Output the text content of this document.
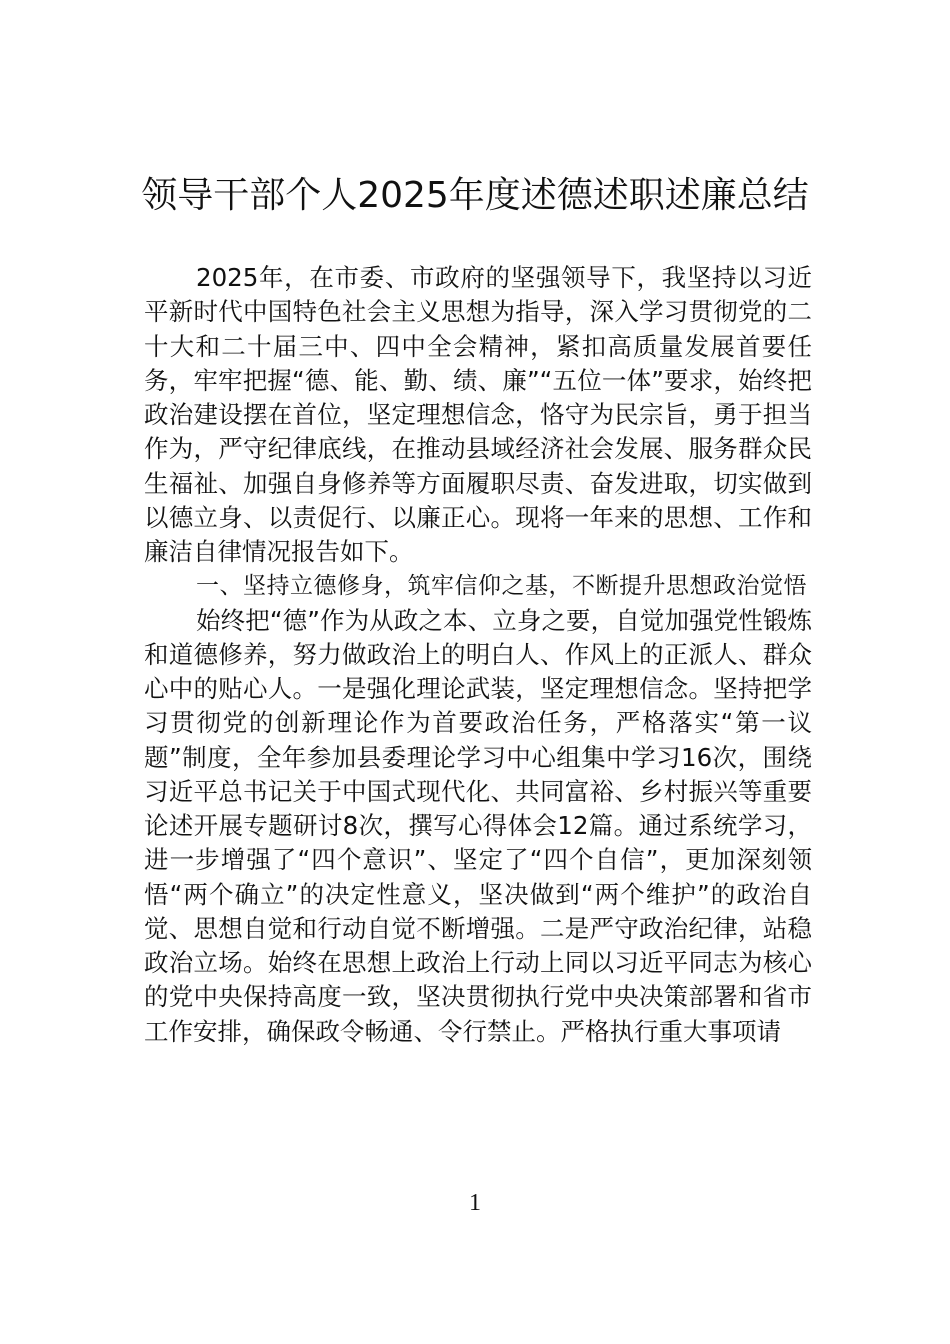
领导干部个人2025年度述德述职述廉总结

2025年，在市委、市政府的坚强领导下，我坚持以习近平新时代中国特色社会主义思想为指导，深入学习贯彻党的二十大和二十届三中、四中全会精神，紧扣高质量发展首要任务，牢牢把握“德、能、勤、绩、廉”“五位一体”要求，始终把政治建设摆在首位，坚定理想信念，恪守为民宗旨，勇于担当作为，严守纪律底线，在推动县域经济社会发展、服务群众民生福祉、加强自身修养等方面履职尽责、奋发进取，切实做到以德立身、以责促行、以廉正心。现将一年来的思想、工作和廉洁自律情况报告如下。

一、坚持立德修身，筑牢信仰之基，不断提升思想政治觉悟

始终把“德”作为从政之本、立身之要，自觉加强党性锻炼和道德修养，努力做政治上的明白人、作风上的正派人、群众心中的贴心人。一是强化理论武装，坚定理想信念。坚持把学习贯彻党的创新理论作为首要政治任务，严格落实“第一议题”制度，全年参加县委理论学习中心组集中学习16次，围绕习近平总书记关于中国式现代化、共同富裕、乡村振兴等重要论述开展专题研讨8次，撰写心得体会12篇。通过系统学习，进一步增强了“四个意识”、坚定了“四个自信”，更加深刻领悟“两个确立”的决定性意义，坚决做到“两个维护”的政治自觉、思想自觉和行动自觉不断增强。二是严守政治纪律，站稳政治立场。始终在思想上政治上行动上同以习近平同志为核心的党中央保持高度一致，坚决贯彻执行党中央决策部署和省市工作安排，确保政令畅通、令行禁止。严格执行重大事项请

1
